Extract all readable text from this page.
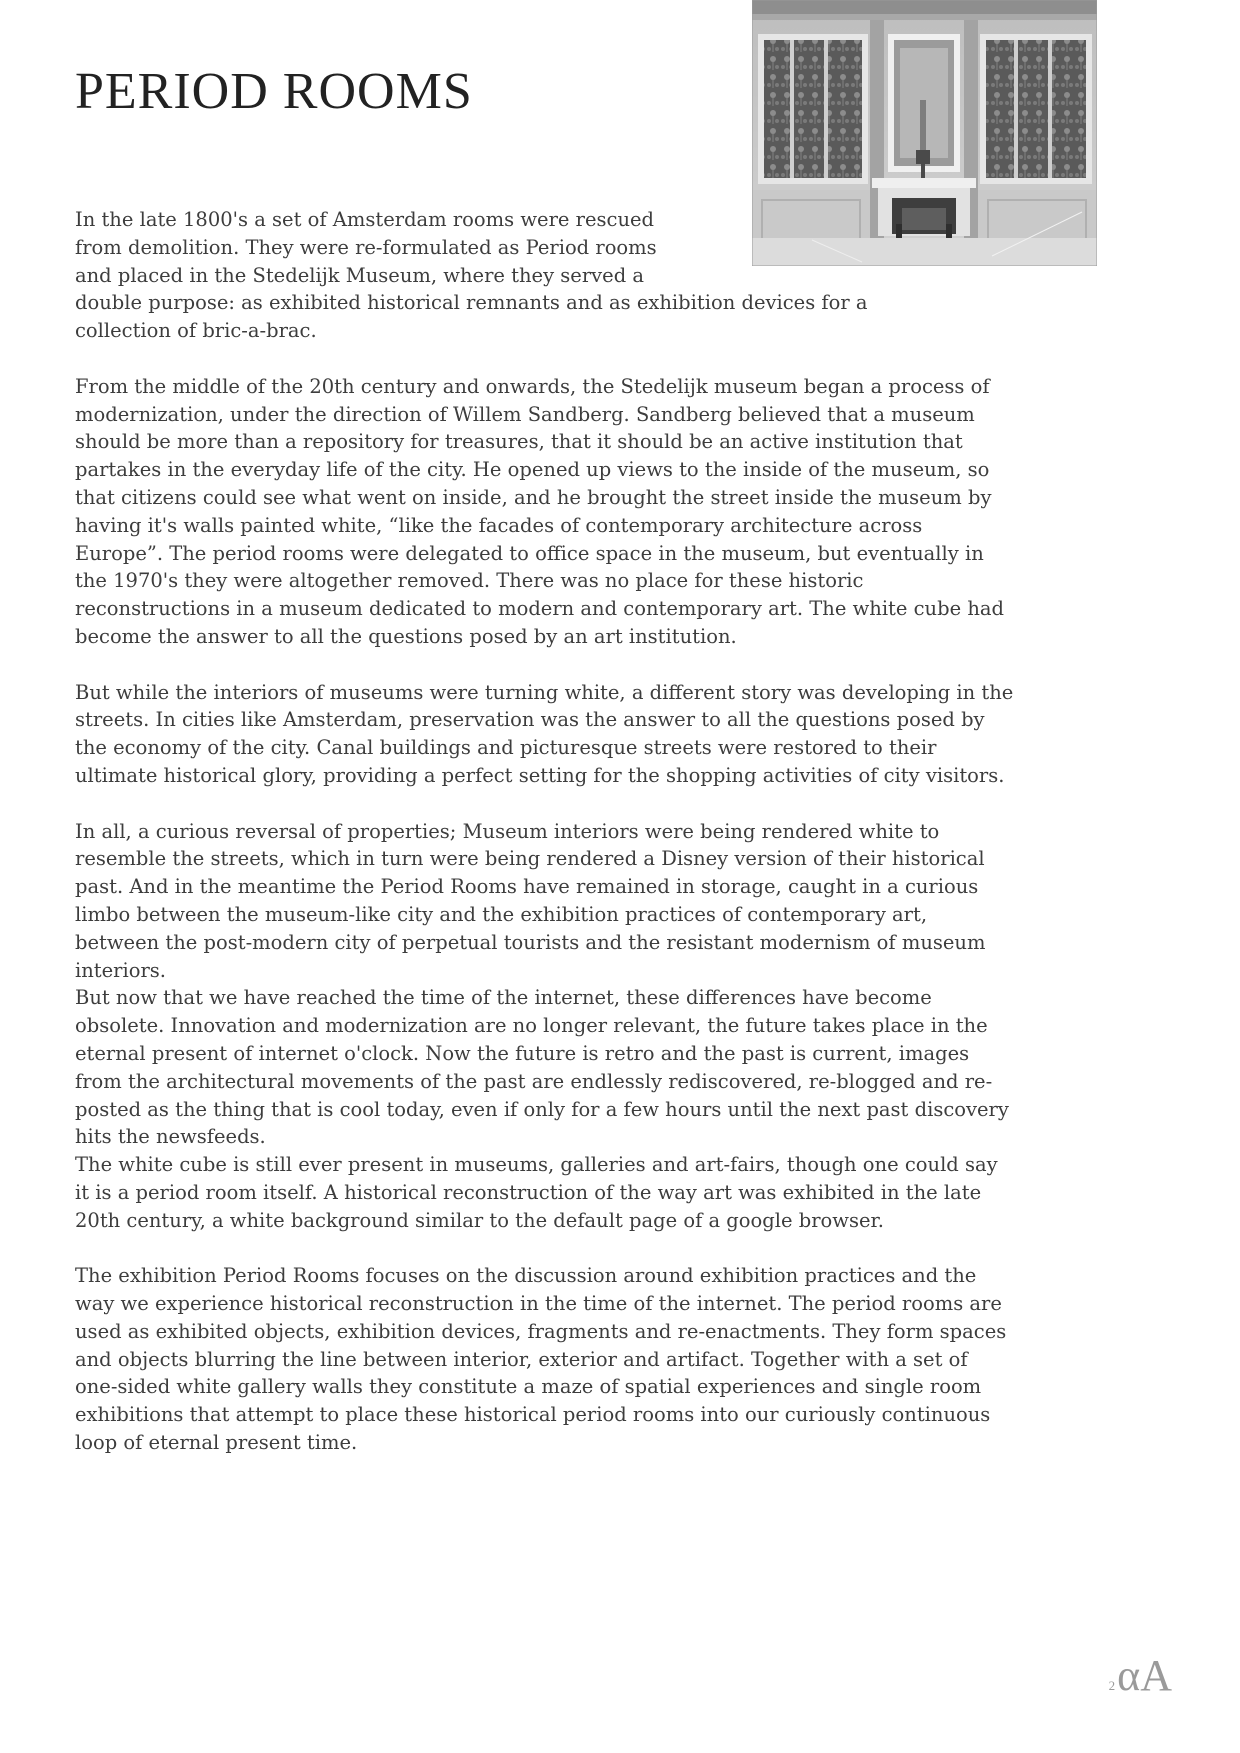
PERIOD ROOMS

In the late 1800's a set of Amsterdam rooms were rescued from demolition. They were re-formulated as Period rooms and placed in the Stedelijk Museum, where they served a
double purpose: as exhibited historical remnants and as exhibition devices for a collection of bric-a-brac.

From the middle of the 20th century and onwards, the Stedelijk museum began a process of modernization, under the direction of Willem Sandberg. Sandberg believed that a museum should be more than a repository for treasures, that it should be an active institution that partakes in the everyday life of the city. He opened up views to the inside of the museum, so that citizens could see what went on inside, and he brought the street inside the museum by having it's walls painted white, “like the facades of contemporary architecture across Europe”. The period rooms were delegated to office space in the museum, but eventually in the 1970's they were altogether removed. There was no place for these historic reconstructions in a museum dedicated to modern and contemporary art. The white cube had become the answer to all the questions posed by an art institution.

But while the interiors of museums were turning white, a different story was developing in the streets. In cities like Amsterdam, preservation was the answer to all the questions posed by the economy of the city. Canal buildings and picturesque streets were restored to their ultimate historical glory, providing a perfect setting for the shopping activities of city visitors.

In all, a curious reversal of properties; Museum interiors were being rendered white to resemble the streets, which in turn were being rendered a Disney version of their historical past. And in the meantime the Period Rooms have remained in storage, caught in a curious limbo between the museum-like city and the exhibition practices of contemporary art, between the post-modern city of perpetual tourists and the resistant modernism of museum interiors.

But now that we have reached the time of the internet, these differences have become obsolete. Innovation and modernization are no longer relevant, the future takes place in the eternal present of internet o'clock. Now the future is retro and the past is current, images from the architectural movements of the past are endlessly rediscovered, re-blogged and re-posted as the thing that is cool today, even if only for a few hours until the next past discovery hits the newsfeeds.

The white cube is still ever present in museums, galleries and art-fairs, though one could say it is a period room itself. A historical reconstruction of the way art was exhibited in the late 20th century, a white background similar to the default page of a google browser.

The exhibition Period Rooms focuses on the discussion around exhibition practices and the way we experience historical reconstruction in the time of the internet. The period rooms are used as exhibited objects, exhibition devices, fragments and re-enactments. They form spaces and objects blurring the line between interior, exterior and artifact. Together with a set of one-sided white gallery walls they constitute a maze of spatial experiences and single room exhibitions that attempt to place these historical period rooms into our curiously continuous loop of eternal present time.

2αA
